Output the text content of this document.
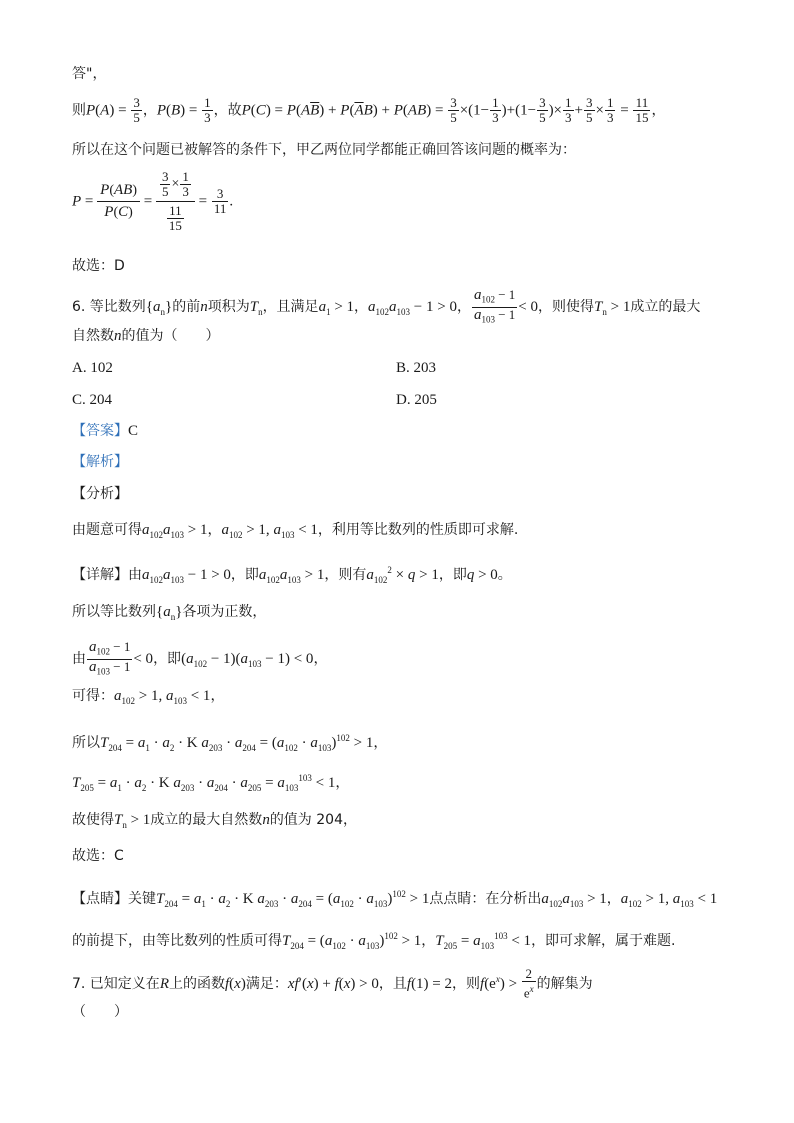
答"，
则$P(A) = \frac{3}{5}$ ，$P(B) = \frac{1}{3}$ ，故$P(C) = P(A\overline{B}) + P(\overline{A}B) + P(AB) = \frac{3}{5} \times(1- \frac{1}{3} )+(1- \frac{3}{5}$ )× $\frac{1}{3} + \frac{3}{5} \times \frac{1}{3} = \frac{11}{15}$ ，
所以在这个问题已被解答的条件下，甲乙两位同学都能正确回答该问题的概率为：
$P = \frac{P(AB)}{P(C)} = \frac{\frac{3}{5} \times \frac{1}{3}}{\frac{11}{15}} = \frac{3}{11}$ .
故选：D
6. 等比数列$\{a_n\}$的前n项积为$T_n$，且满足$a_1 > 1$，$a_{102}a_{103} - 1 > 0$， $\frac{a_{102} - 1}{a_{103} - 1} < 0$，则使得$T_n > 1$成立的最大
自然数n的值为（　　）
A. 102	B. 203
C. 204	D. 205
【答案】C
【解析】
【分析】
由题意可得$a_{102}a_{103} > 1$，$a_{102} > 1$, $a_{103} < 1$，利用等比数列的性质即可求解.
【详解】由$a_{102}a_{103} - 1 > 0$，即$a_{102}a_{103} > 1$，则有$a_{102}^2 \times q > 1$，即q > 0。
所以等比数列$\{a_n\}$各项为正数，
由 $\frac{a_{102} - 1}{a_{103} - 1} < 0$，即$(a_{102} - 1)(a_{103} - 1) < 0$，
可得：$a_{102} > 1$, $a_{103} < 1$，
所以$T_{204} = a_1 \cdot a_2 \cdot K$ $a_{203} \cdot a_{204} = (a_{102} \cdot a_{103})^{102} > 1$，
$T_{205} = a_1 \cdot a_2 \cdot K$ $a_{203} \cdot a_{204} \cdot a_{205} = a_{103}^{103} < 1$，
故使得$T_n > 1$成立的最大自然数n的值为 204，
故选：C
【点睛】关键$T_{204} = a_1 \cdot a_2 \cdot K$ $a_{203} \cdot a_{204} = (a_{102} \cdot a_{103})^{102} > 1$点点睛：在分析出$a_{102}a_{103} > 1$，$a_{102} > 1$, $a_{103} < 1$
的前提下，由等比数列的性质可得$T_{204} = (a_{102} \cdot a_{103})^{102} > 1$，$T_{205} = a_{103}^{103} < 1$，即可求解，属于难题.
7. 已知定义在R上的函数f(x)满足：xf′(x) + f(x) > 0，且f(1) = 2，则$f(e^x) > \frac{2}{e^x}$ 的解集为
（　　）
